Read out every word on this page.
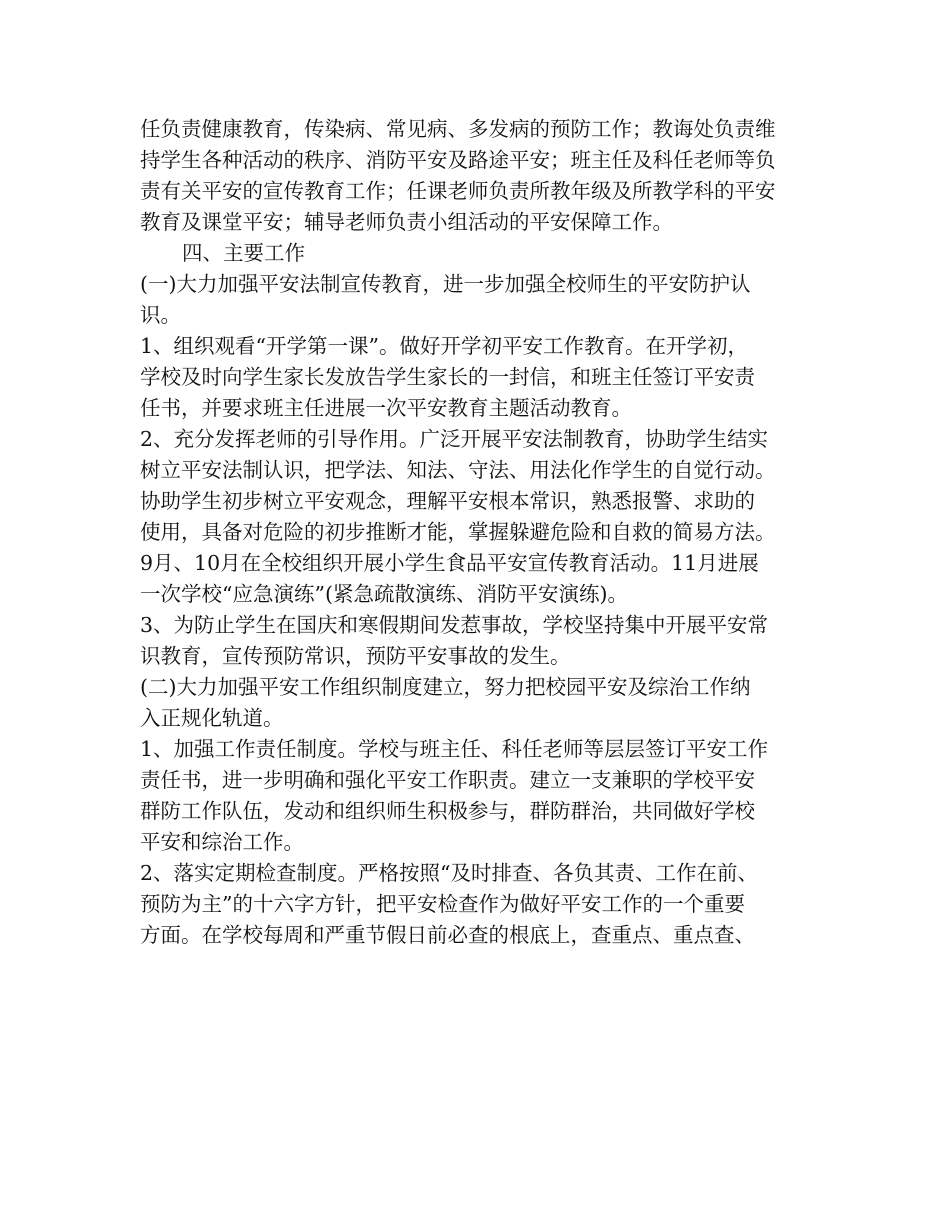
任负责健康教育，传染病、常见病、多发病的预防工作；教诲处负责维
持学生各种活动的秩序、消防平安及路途平安；班主任及科任老师等负
责有关平安的宣传教育工作；任课老师负责所教年级及所教学科的平安
教育及课堂平安；辅导老师负责小组活动的平安保障工作。
四、主要工作
(一)大力加强平安法制宣传教育，进一步加强全校师生的平安防护认
识。
1、组织观看“开学第一课”。做好开学初平安工作教育。在开学初，
学校及时向学生家长发放告学生家长的一封信，和班主任签订平安责
任书，并要求班主任进展一次平安教育主题活动教育。
2、充分发挥老师的引导作用。广泛开展平安法制教育，协助学生结实
树立平安法制认识，把学法、知法、守法、用法化作学生的自觉行动。
协助学生初步树立平安观念，理解平安根本常识，熟悉报警、求助的
使用，具备对危险的初步推断才能，掌握躲避危险和自救的简易方法。
9月、10月在全校组织开展小学生食品平安宣传教育活动。11月进展
一次学校“应急演练”(紧急疏散演练、消防平安演练)。
3、为防止学生在国庆和寒假期间发惹事故，学校坚持集中开展平安常
识教育，宣传预防常识，预防平安事故的发生。
(二)大力加强平安工作组织制度建立，努力把校园平安及综治工作纳
入正规化轨道。
1、加强工作责任制度。学校与班主任、科任老师等层层签订平安工作
责任书，进一步明确和强化平安工作职责。建立一支兼职的学校平安
群防工作队伍，发动和组织师生积极参与，群防群治，共同做好学校
平安和综治工作。
2、落实定期检查制度。严格按照“及时排查、各负其责、工作在前、
预防为主”的十六字方针，把平安检查作为做好平安工作的一个重要
方面。在学校每周和严重节假日前必查的根底上，查重点、重点查、
